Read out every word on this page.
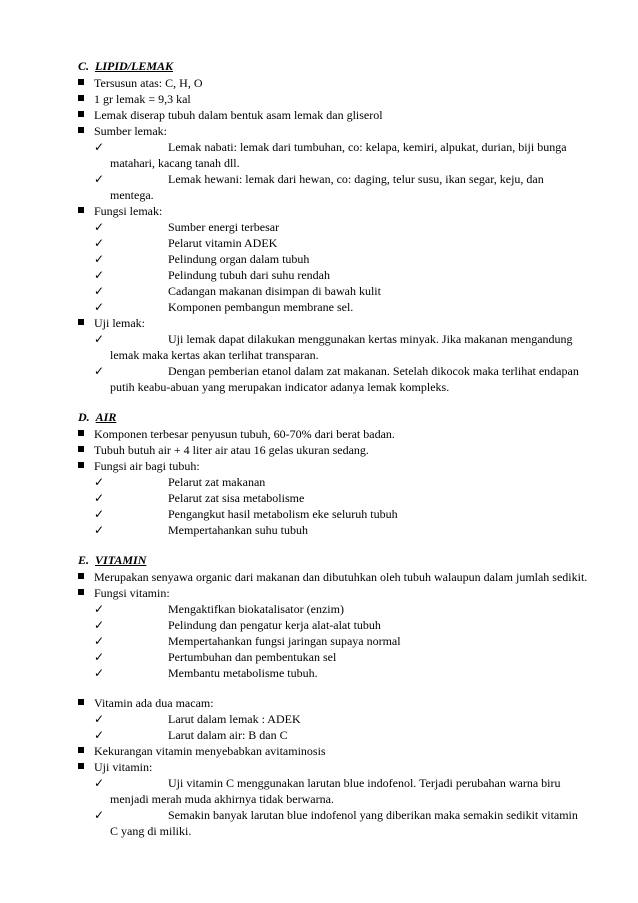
C. LIPID/LEMAK
Tersusun atas: C, H, O
1 gr lemak = 9,3 kal
Lemak diserap tubuh dalam bentuk asam lemak dan gliserol
Sumber lemak:
✓	Lemak nabati: lemak dari tumbuhan, co: kelapa, kemiri, alpukat, durian, biji bunga matahari, kacang tanah dll.
✓	Lemak hewani: lemak dari hewan, co: daging, telur susu, ikan segar, keju, dan mentega.
Fungsi lemak:
✓	Sumber energi terbesar
✓	Pelarut vitamin ADEK
✓	Pelindung organ dalam tubuh
✓	Pelindung tubuh dari suhu rendah
✓	Cadangan makanan disimpan di bawah kulit
✓	Komponen pembangun membrane sel.
Uji lemak:
✓	Uji lemak dapat dilakukan menggunakan kertas minyak. Jika makanan mengandung lemak maka kertas akan terlihat transparan.
✓	Dengan pemberian etanol dalam zat makanan. Setelah dikocok maka terlihat endapan putih keabu-abuan yang merupakan indicator adanya lemak kompleks.
D. AIR
Komponen terbesar penyusun tubuh, 60-70% dari berat badan.
Tubuh butuh air + 4 liter air atau 16 gelas ukuran sedang.
Fungsi air bagi tubuh:
✓	Pelarut zat makanan
✓	Pelarut zat sisa metabolisme
✓	Pengangkut hasil metabolism eke seluruh tubuh
✓	Mempertahankan suhu tubuh
E. VITAMIN
Merupakan senyawa organic dari makanan dan dibutuhkan oleh tubuh walaupun dalam jumlah sedikit.
Fungsi vitamin:
✓	Mengaktifkan biokatalisator (enzim)
✓	Pelindung dan pengatur kerja alat-alat tubuh
✓	Mempertahankan fungsi jaringan supaya normal
✓	Pertumbuhan dan pembentukan sel
✓	Membantu metabolisme tubuh.
Vitamin ada dua macam:
✓	Larut dalam lemak : ADEK
✓	Larut dalam air: B dan C
Kekurangan vitamin menyebabkan avitaminosis
Uji vitamin:
✓	Uji vitamin C menggunakan larutan blue indofenol. Terjadi perubahan warna biru menjadi merah muda akhirnya tidak berwarna.
✓	Semakin banyak larutan blue indofenol yang diberikan maka semakin sedikit vitamin C yang di miliki.
